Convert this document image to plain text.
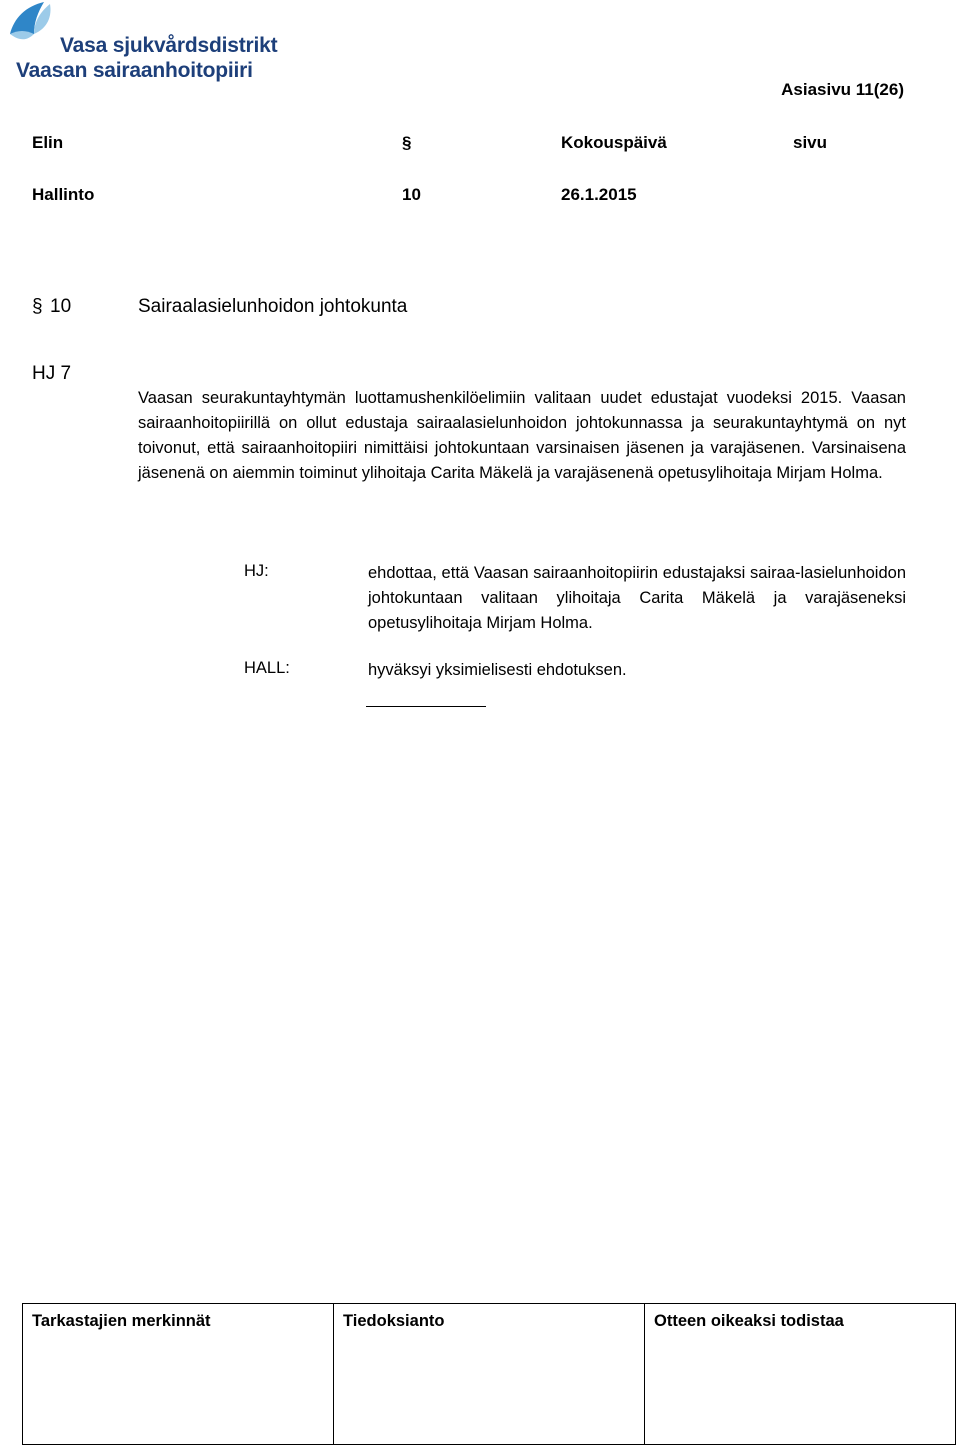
Vasa sjukvårdsdistrikt
Vaasan sairaanhoitopiiri
Asiasivu 11(26)
Elin	§	Kokouspäivä	sivu
Hallinto	10	26.1.2015
§ 10	Sairaalasielunhoidon johtokunta
HJ 7
Vaasan seurakuntayhtymän luottamushenkilöelimiin valitaan uudet edustajat vuodeksi 2015. Vaasan sairaanhoitopiirillä on ollut edustaja sairaalasielunhoidon johtokunnassa ja seurakuntayhtymä on nyt toivonut, että sairaanhoitopiiri nimittäisi johtokuntaan varsinaisen jäsenen ja varajäsenen. Varsinaisena jäsenenä on aiemmin toiminut ylihoitaja Carita Mäkelä ja varajäsenenä opetusylihoitaja Mirjam Holma.
HJ:	ehdottaa, että Vaasan sairaanhoitopiirin edustajaksi sairaa-lasielunhoidon johtokuntaan valitaan ylihoitaja Carita Mäkelä ja varajäseneksi opetusylihoitaja Mirjam Holma.
HALL:	hyväksyi yksimielisesti ehdotuksen.
Tarkastajien merkinnät	Tiedoksianto	Otteen oikeaksi todistaa
